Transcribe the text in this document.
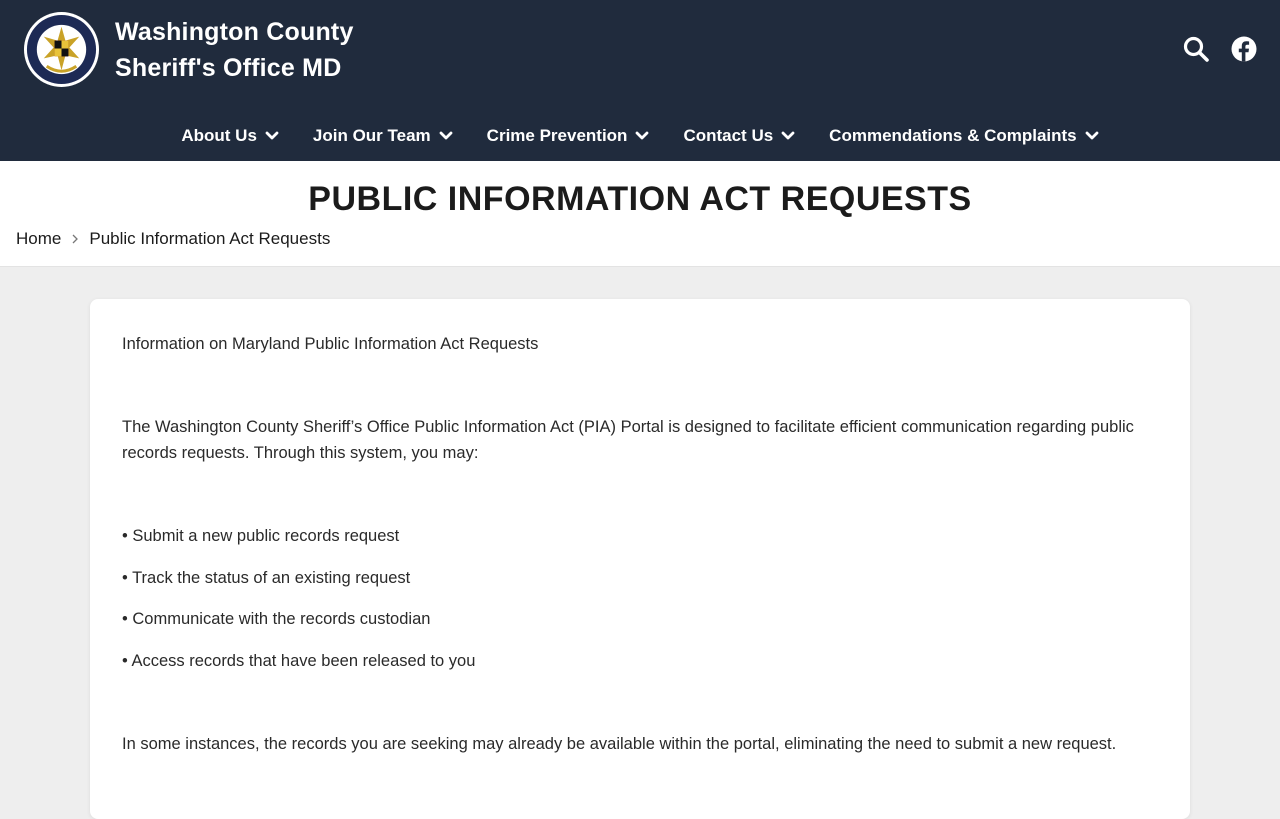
Washington County
Sheriff's Office MD
About Us	Join Our Team	Crime Prevention	Contact Us	Commendations & Complaints
PUBLIC INFORMATION ACT REQUESTS
Home Public Information Act Requests

Information on Maryland Public Information Act Requests

The Washington County Sheriff’s Office Public Information Act (PIA) Portal is designed to facilitate efficient communication regarding public records requests. Through this system, you may:

• Submit a new public records request

• Track the status of an existing request

• Communicate with the records custodian

• Access records that have been released to you

In some instances, the records you are seeking may already be available within the portal, eliminating the need to submit a new request.
